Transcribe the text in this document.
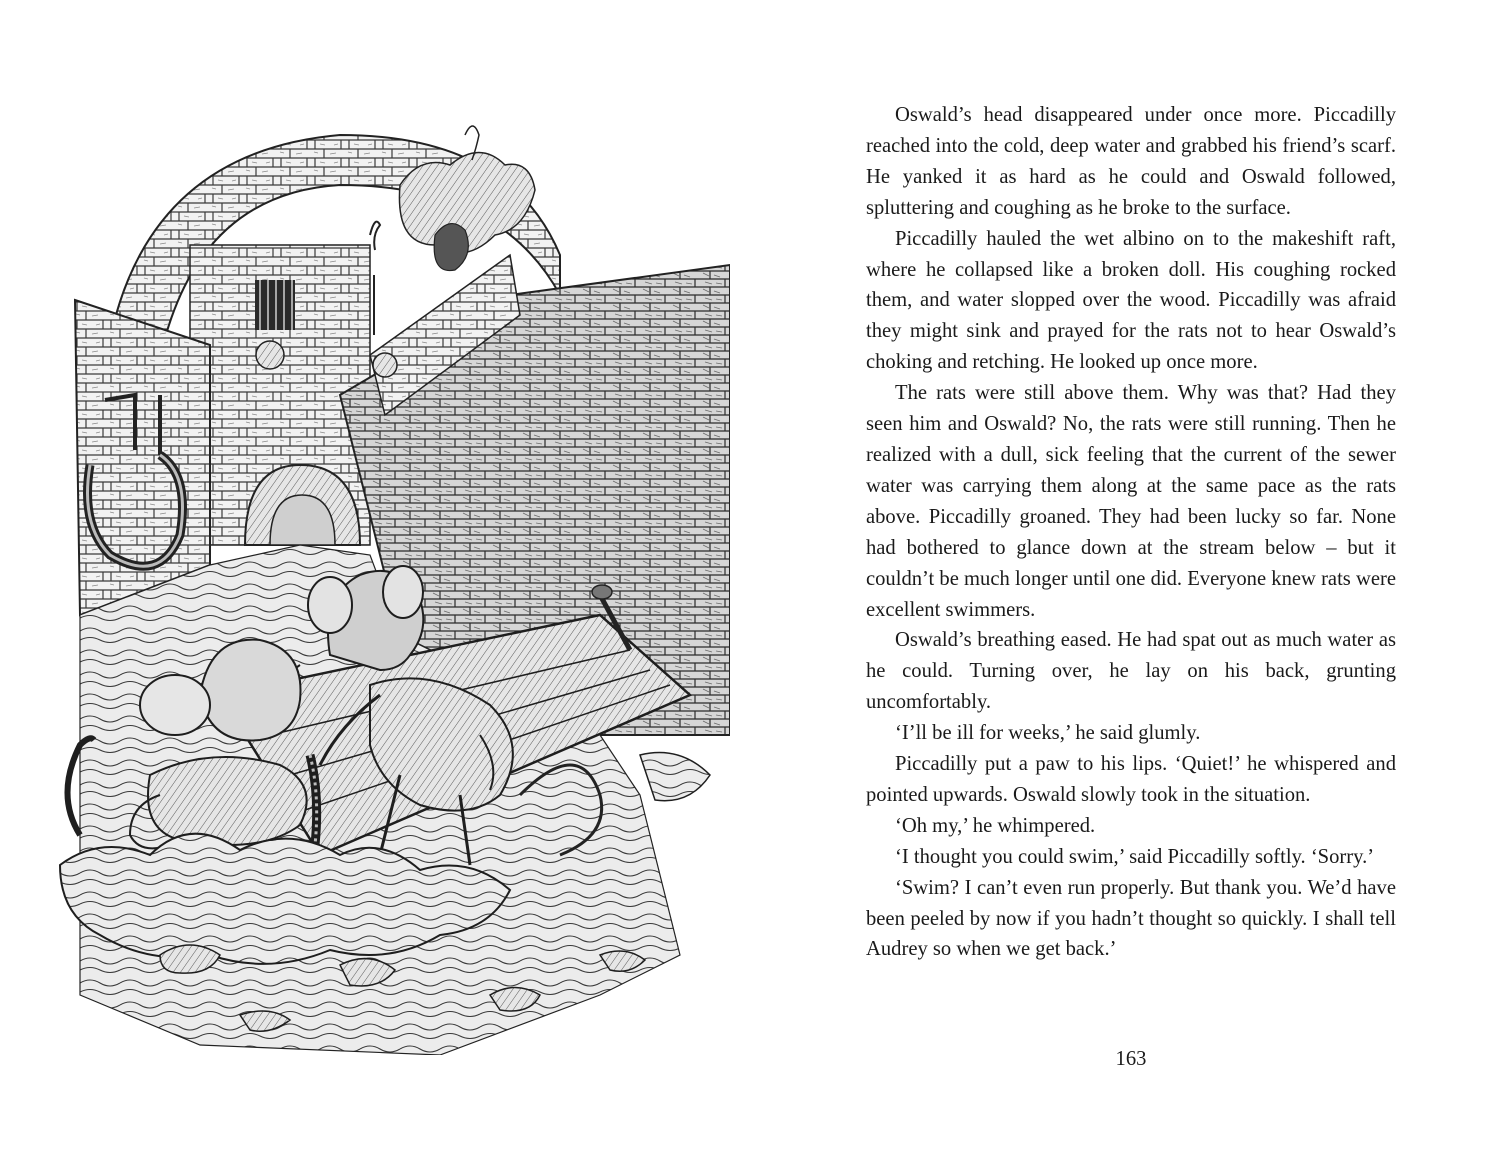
Oswald’s head disappeared under once more. Piccadilly reached into the cold, deep water and grabbed his friend’s scarf. He yanked it as hard as he could and Oswald followed, spluttering and coughing as he broke to the surface.

Piccadilly hauled the wet albino on to the makeshift raft, where he collapsed like a broken doll. His coughing rocked them, and water slopped over the wood. Piccadilly was afraid they might sink and prayed for the rats not to hear Oswald’s choking and retching. He looked up once more.

The rats were still above them. Why was that? Had they seen him and Oswald? No, the rats were still running. Then he realized with a dull, sick feeling that the current of the sewer water was carrying them along at the same pace as the rats above. Piccadilly groaned. They had been lucky so far. None had bothered to glance down at the stream below – but it couldn’t be much longer until one did. Everyone knew rats were excellent swimmers.

Oswald’s breathing eased. He had spat out as much water as he could. Turning over, he lay on his back, grunting uncomfortably.

‘I’ll be ill for weeks,’ he said glumly.

Piccadilly put a paw to his lips. ‘Quiet!’ he whispered and pointed upwards. Oswald slowly took in the situation.

‘Oh my,’ he whimpered.

‘I thought you could swim,’ said Piccadilly softly. ‘Sorry.’

‘Swim? I can’t even run properly. But thank you. We’d have been peeled by now if you hadn’t thought so quickly. I shall tell Audrey so when we get back.’

163
